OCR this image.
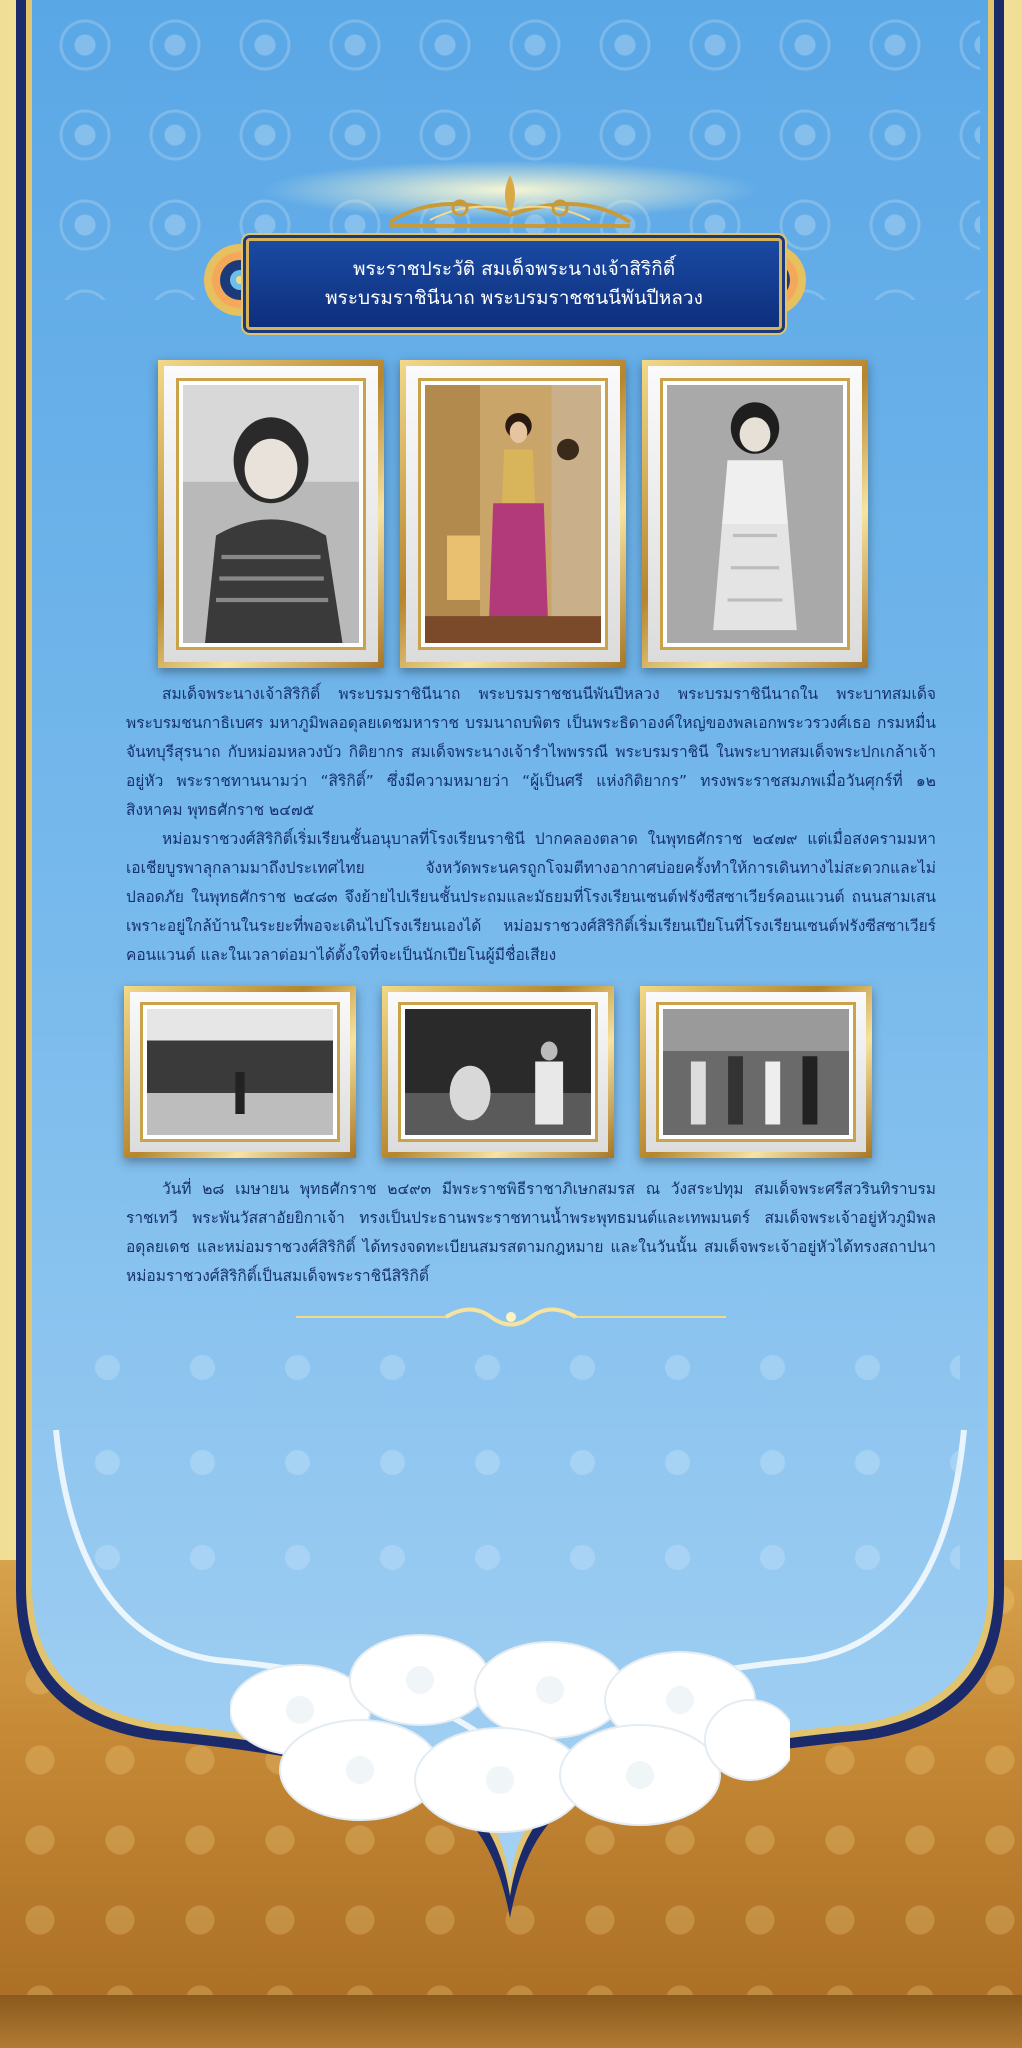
พระราชประวัติ สมเด็จพระนางเจ้าสิริกิติ์
พระบรมราชินีนาถ พระบรมราชชนนีพันปีหลวง

สมเด็จพระนางเจ้าสิริกิติ์ พระบรมราชินีนาถ พระบรมราชชนนีพันปีหลวง พระบรมราชินีนาถใน พระบาทสมเด็จพระบรมชนกาธิเบศร มหาภูมิพลอดุลยเดชมหาราช บรมนาถบพิตร เป็นพระธิดาองค์ใหญ่ของพลเอกพระวรวงศ์เธอ กรมหมื่นจันทบุรีสุรนาถ กับหม่อมหลวงบัว กิติยากร สมเด็จพระนางเจ้ารำไพพรรณี พระบรมราชินี ในพระบาทสมเด็จพระปกเกล้าเจ้าอยู่หัว พระราชทานนามว่า “สิริกิติ์” ซึ่งมีความหมายว่า “ผู้เป็นศรี แห่งกิติยากร” ทรงพระราชสมภพเมื่อวันศุกร์ที่ ๑๒ สิงหาคม พุทธศักราช ๒๔๗๕

หม่อมราชวงศ์สิริกิติ์เริ่มเรียนชั้นอนุบาลที่โรงเรียนราชินี ปากคลองตลาด ในพุทธศักราช ๒๔๗๙ แต่เมื่อสงครามมหาเอเชียบูรพาลุกลามมาถึงประเทศไทย จังหวัดพระนครถูกโจมตีทางอากาศบ่อยครั้งทำให้การเดินทางไม่สะดวกและไม่ปลอดภัย ในพุทธศักราช ๒๔๘๓ จึงย้ายไปเรียนชั้นประถมและมัธยมที่โรงเรียนเซนต์ฟรังซีสซาเวียร์คอนแวนต์ ถนนสามเสน เพราะอยู่ใกล้บ้านในระยะที่พอจะเดินไปโรงเรียนเองได้ หม่อมราชวงศ์สิริกิติ์เริ่มเรียนเปียโนที่โรงเรียนเซนต์ฟรังซีสซาเวียร์คอนแวนต์ และในเวลาต่อมาได้ตั้งใจที่จะเป็นนักเปียโนผู้มีชื่อเสียง

วันที่ ๒๘ เมษายน พุทธศักราช ๒๔๙๓ มีพระราชพิธีราชาภิเษกสมรส ณ วังสระปทุม สมเด็จพระศรีสวรินทิราบรมราชเทวี พระพันวัสสาอัยยิกาเจ้า ทรงเป็นประธานพระราชทานน้ำพระพุทธมนต์และเทพมนตร์ สมเด็จพระเจ้าอยู่หัวภูมิพลอดุลยเดช และหม่อมราชวงศ์สิริกิติ์ ได้ทรงจดทะเบียนสมรสตามกฎหมาย และในวันนั้น สมเด็จพระเจ้าอยู่หัวได้ทรงสถาปนาหม่อมราชวงศ์สิริกิติ์เป็นสมเด็จพระราชินีสิริกิติ์
